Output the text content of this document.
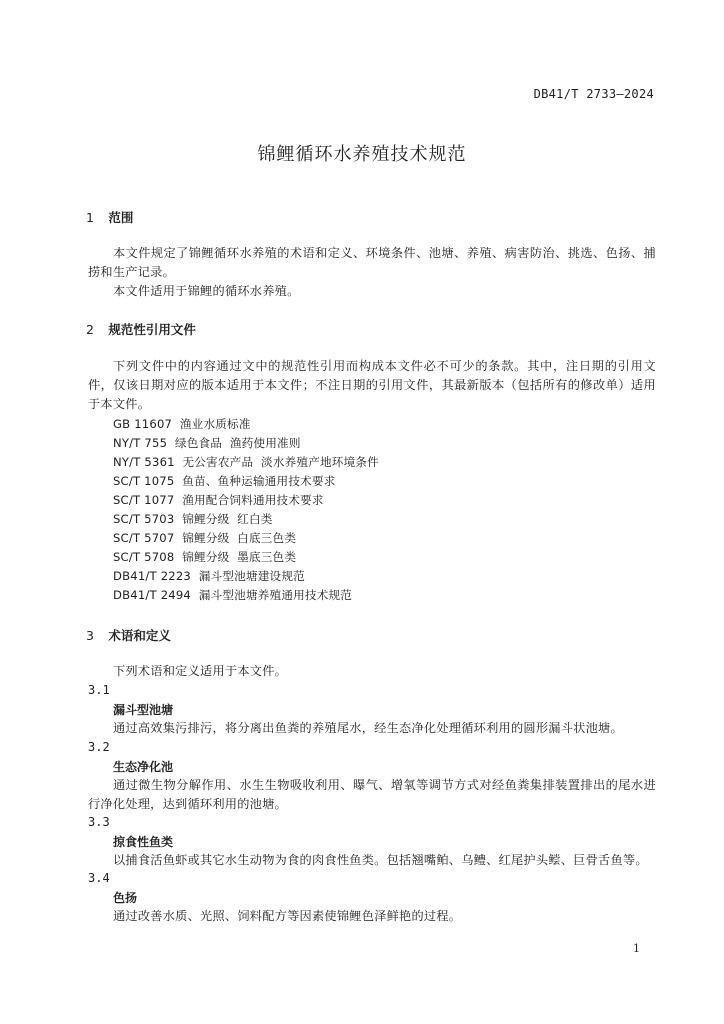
DB41/T 2733—2024
锦鲤循环水养殖技术规范
1 范围
本文件规定了锦鲤循环水养殖的术语和定义、环境条件、池塘、养殖、病害防治、挑选、色扬、捕捞和生产记录。
本文件适用于锦鲤的循环水养殖。
2 规范性引用文件
下列文件中的内容通过文中的规范性引用而构成本文件必不可少的条款。其中，注日期的引用文件，仅该日期对应的版本适用于本文件；不注日期的引用文件，其最新版本（包括所有的修改单）适用于本文件。
GB 11607  渔业水质标准
NY/T 755  绿色食品  渔药使用准则
NY/T 5361  无公害农产品  淡水养殖产地环境条件
SC/T 1075  鱼苗、鱼种运输通用技术要求
SC/T 1077  渔用配合饲料通用技术要求
SC/T 5703  锦鲤分级  红白类
SC/T 5707  锦鲤分级  白底三色类
SC/T 5708  锦鲤分级  墨底三色类
DB41/T 2223  漏斗型池塘建设规范
DB41/T 2494  漏斗型池塘养殖通用技术规范
3 术语和定义
下列术语和定义适用于本文件。
3.1
漏斗型池塘
通过高效集污排污，将分离出鱼粪的养殖尾水，经生态净化处理循环利用的圆形漏斗状池塘。
3.2
生态净化池
通过微生物分解作用、水生生物吸收利用、曝气、增氧等调节方式对经鱼粪集排装置排出的尾水进行净化处理，达到循环利用的池塘。
3.3
掠食性鱼类
以捕食活鱼虾或其它水生动物为食的肉食性鱼类。包括翘嘴鲌、乌鳢、红尾护头鲿、巨骨舌鱼等。
3.4
色扬
通过改善水质、光照、饲料配方等因素使锦鲤色泽鲜艳的过程。
1
